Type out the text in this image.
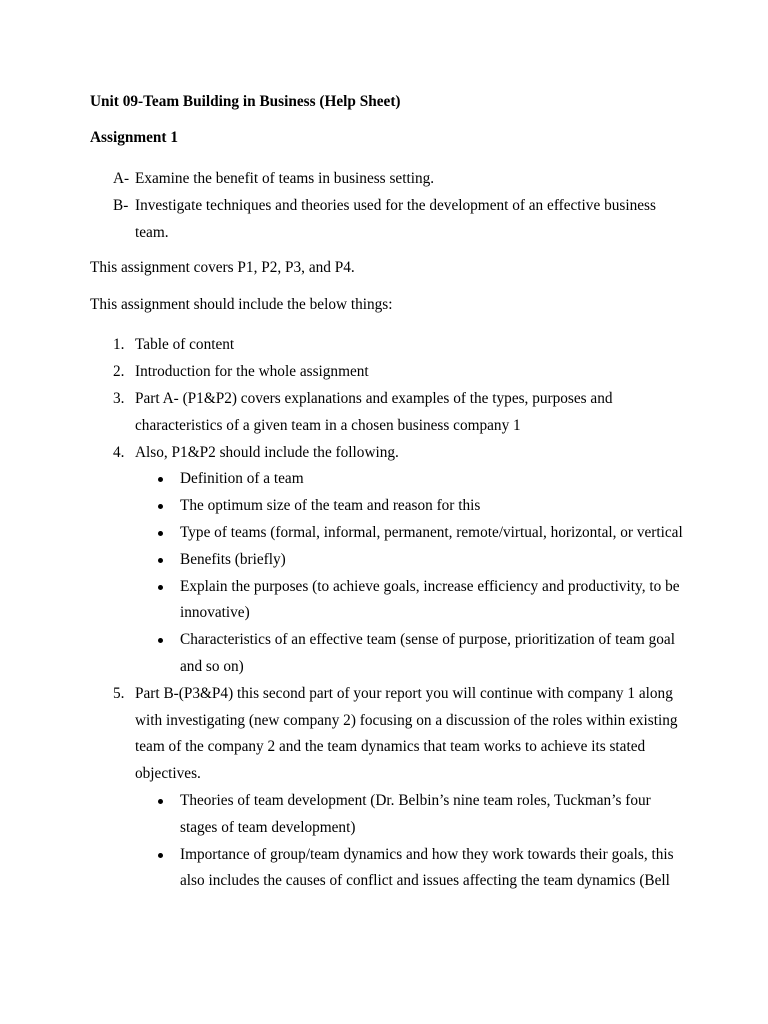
Unit 09-Team Building in Business (Help Sheet)
Assignment 1
A- Examine the benefit of teams in business setting.
B- Investigate techniques and theories used for the development of an effective business team.
This assignment covers P1, P2, P3, and P4.
This assignment should include the below things:
1. Table of content
2. Introduction for the whole assignment
3. Part A- (P1&P2) covers explanations and examples of the types, purposes and characteristics of a given team in a chosen business company 1
4. Also, P1&P2 should include the following.
Definition of a team
The optimum size of the team and reason for this
Type of teams (formal, informal, permanent, remote/virtual, horizontal, or vertical
Benefits (briefly)
Explain the purposes (to achieve goals, increase efficiency and productivity, to be innovative)
Characteristics of an effective team (sense of purpose, prioritization of team goal and so on)
5. Part B-(P3&P4) this second part of your report you will continue with company 1 along with investigating (new company 2) focusing on a discussion of the roles within existing team of the company 2 and the team dynamics that team works to achieve its stated objectives.
Theories of team development (Dr. Belbin’s nine team roles, Tuckman’s four stages of team development)
Importance of group/team dynamics and how they work towards their goals, this also includes the causes of conflict and issues affecting the team dynamics (Bell
